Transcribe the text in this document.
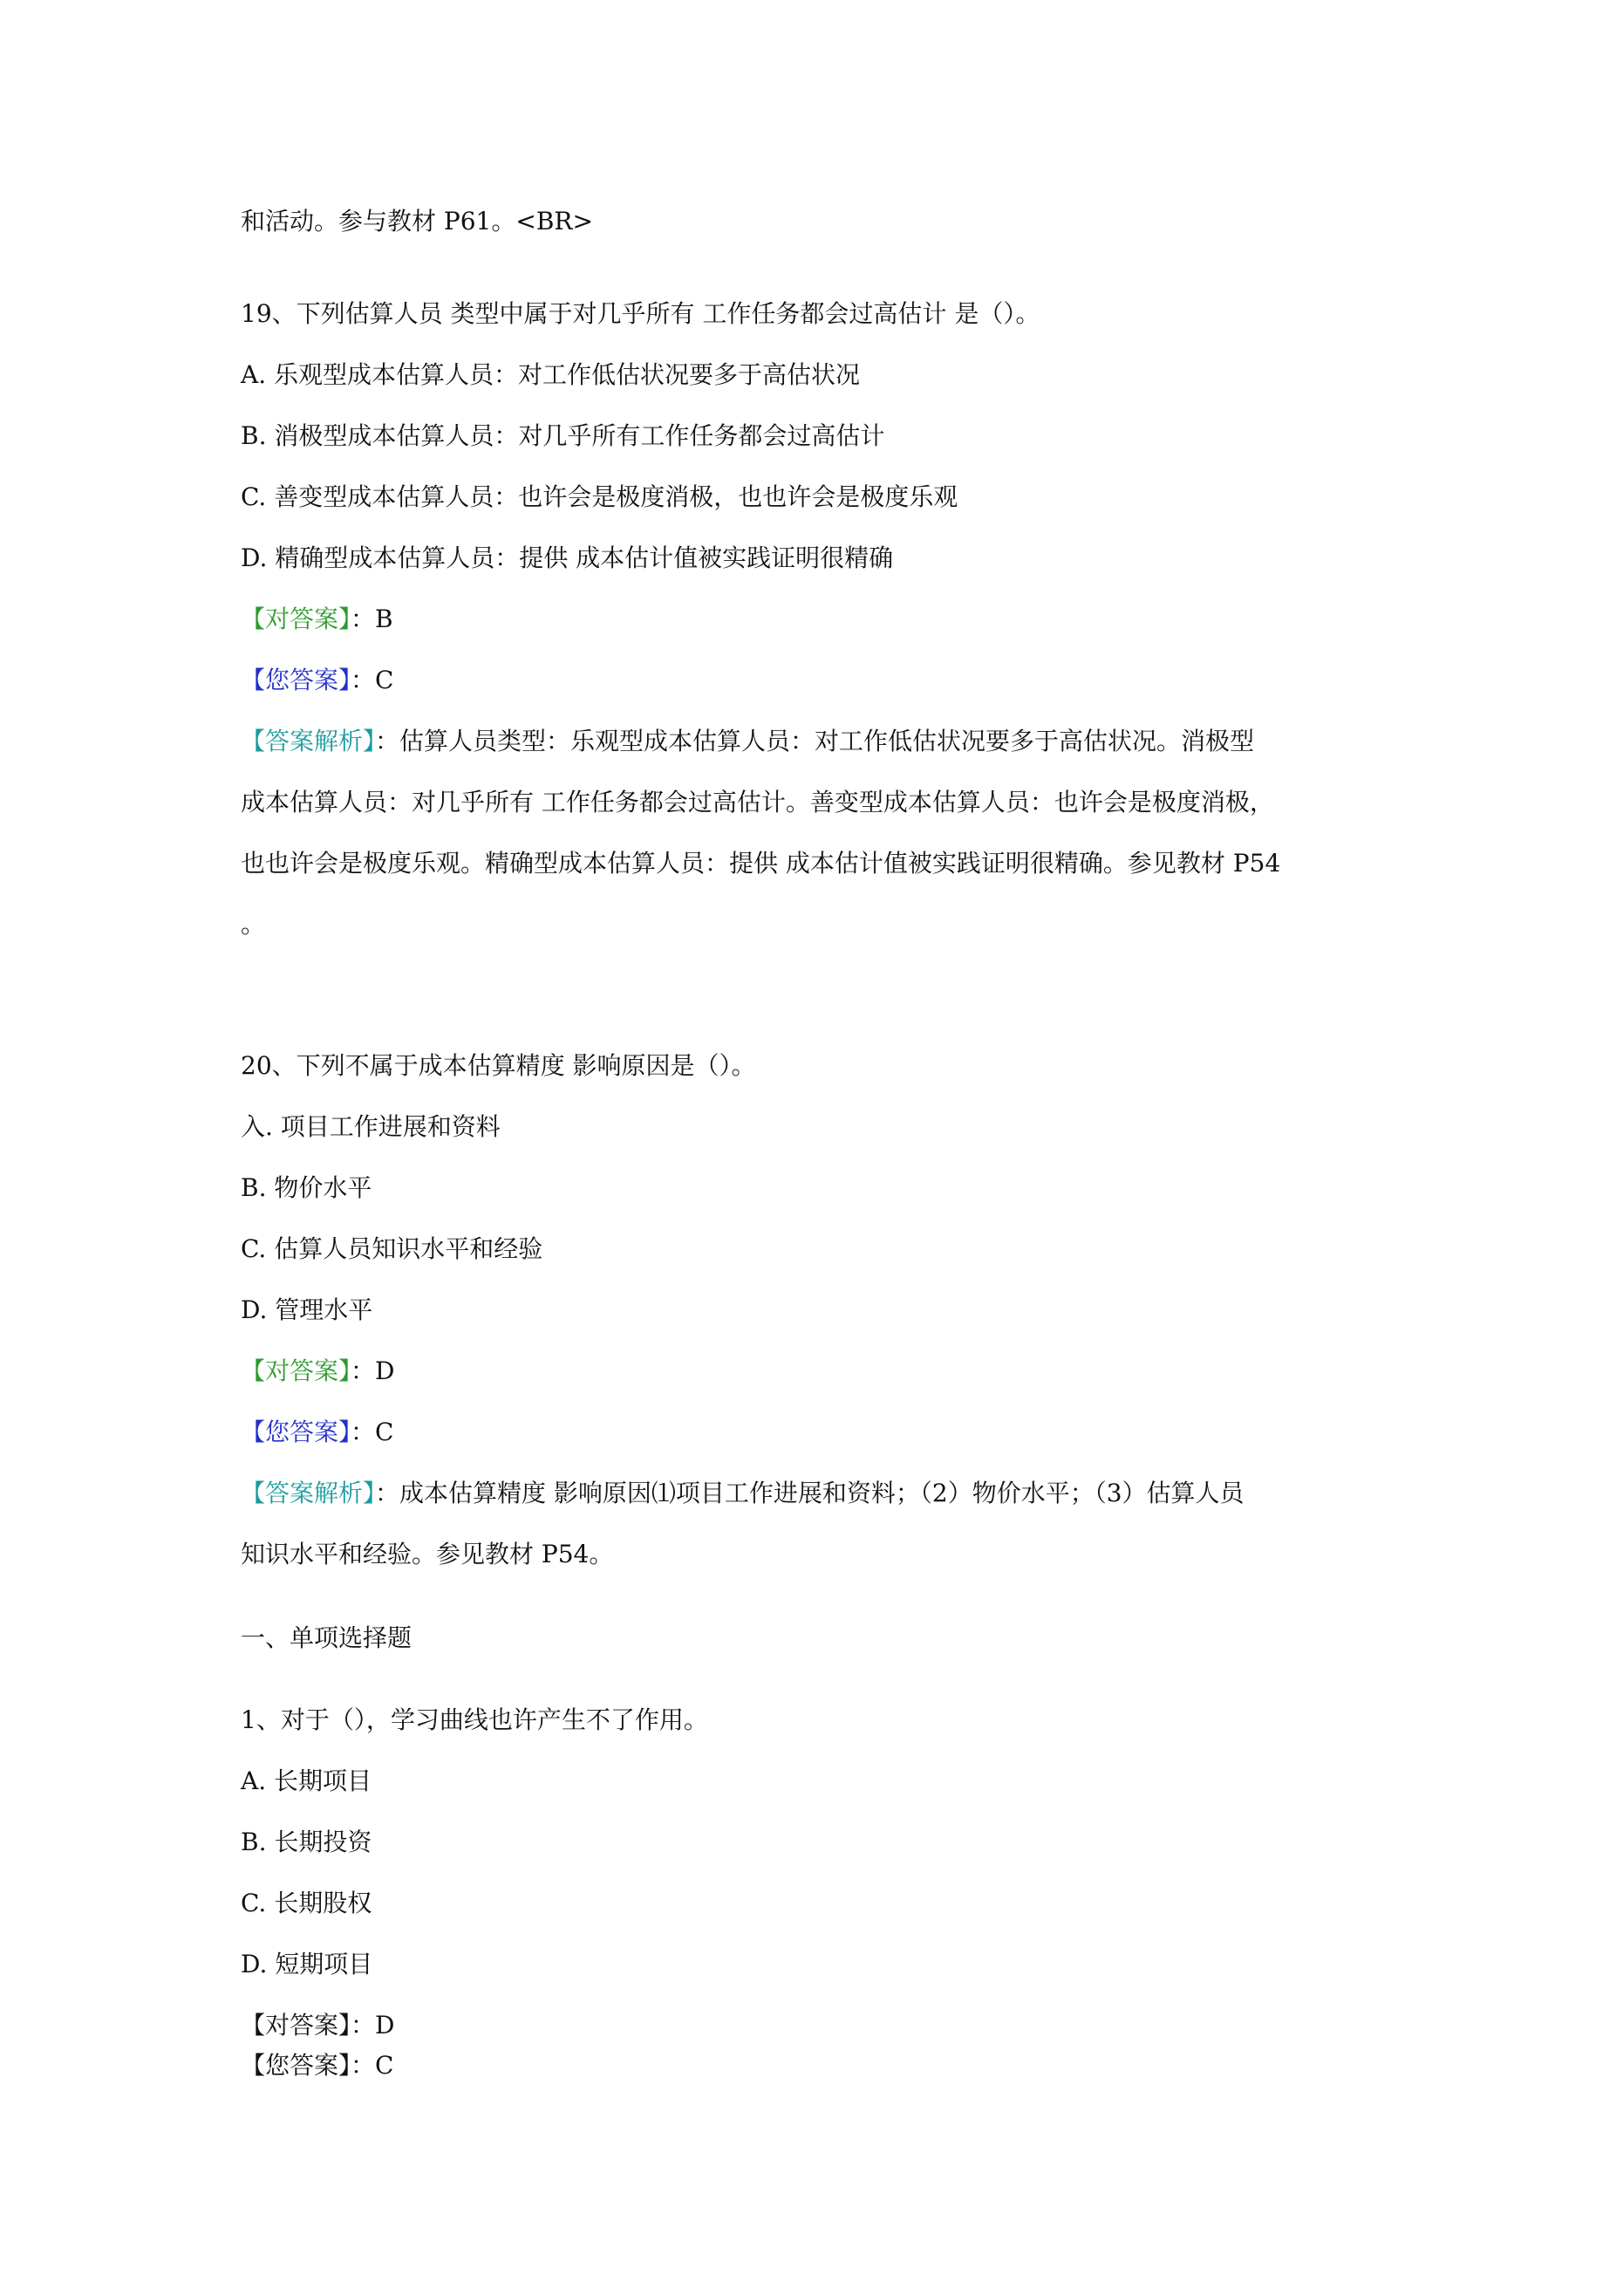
和活动。参与教材 P61。<BR>
19、下列估算人员 类型中属于对几乎所有 工作任务都会过高估计 是（）。
A. 乐观型成本估算人员：对工作低估状况要多于高估状况
B. 消极型成本估算人员：对几乎所有工作任务都会过高估计
C. 善变型成本估算人员：也许会是极度消极，也也许会是极度乐观
D. 精确型成本估算人员：提供 成本估计值被实践证明很精确
【对答案】：B
【您答案】：C
【答案解析】：估算人员类型：乐观型成本估算人员：对工作低估状况要多于高估状况。消极型
成本估算人员：对几乎所有 工作任务都会过高估计。善变型成本估算人员：也许会是极度消极，
也也许会是极度乐观。精确型成本估算人员：提供 成本估计值被实践证明很精确。参见教材 P54
。
20、下列不属于成本估算精度 影响原因是（）。
入. 项目工作进展和资料
B. 物价水平
C. 估算人员知识水平和经验
D. 管理水平
【对答案】：D
【您答案】：C
【答案解析】：成本估算精度 影响原因⑴项目工作进展和资料；（2）物价水平；（3）估算人员
知识水平和经验。参见教材 P54。
一、单项选择题
1、对于（），学习曲线也许产生不了作用。
A. 长期项目
B. 长期投资
C. 长期股权
D. 短期项目
【对答案】：D
【您答案】：C
